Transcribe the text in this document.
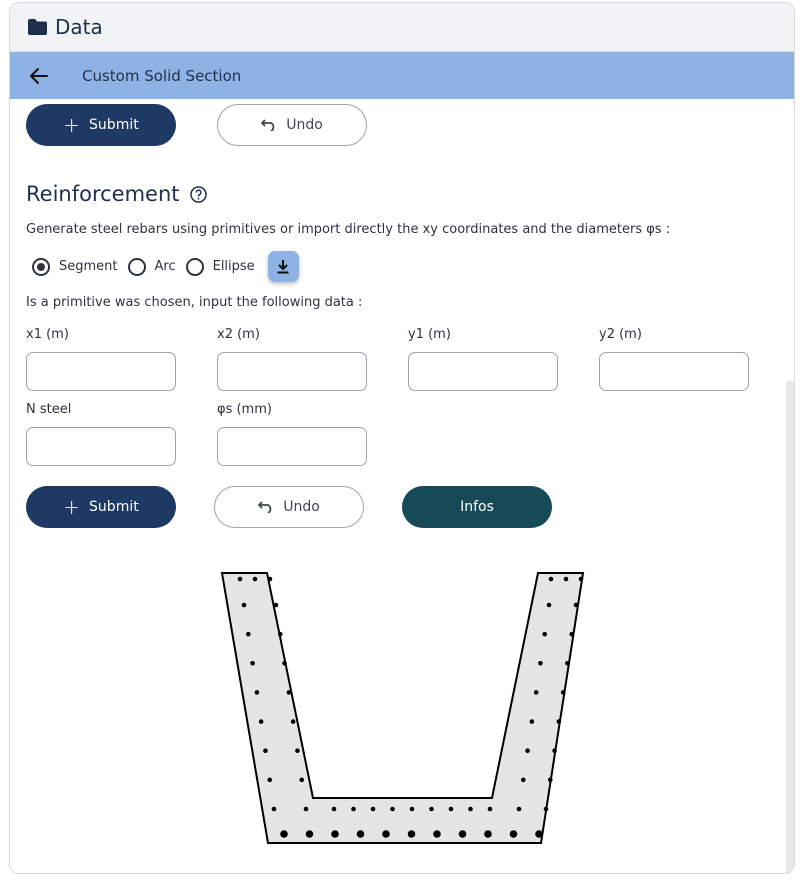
Data
Custom Solid Section
+ Submit	Undo
Reinforcement
Generate steel rebars using primitives or import directly the xy coordinates and the diameters φs :
Segment	Arc	Ellipse
Is a primitive was chosen, input the following data :
x1 (m)	x2 (m)	y1 (m)	y2 (m)
N steel	φs (mm)
+ Submit	Undo	Infos
